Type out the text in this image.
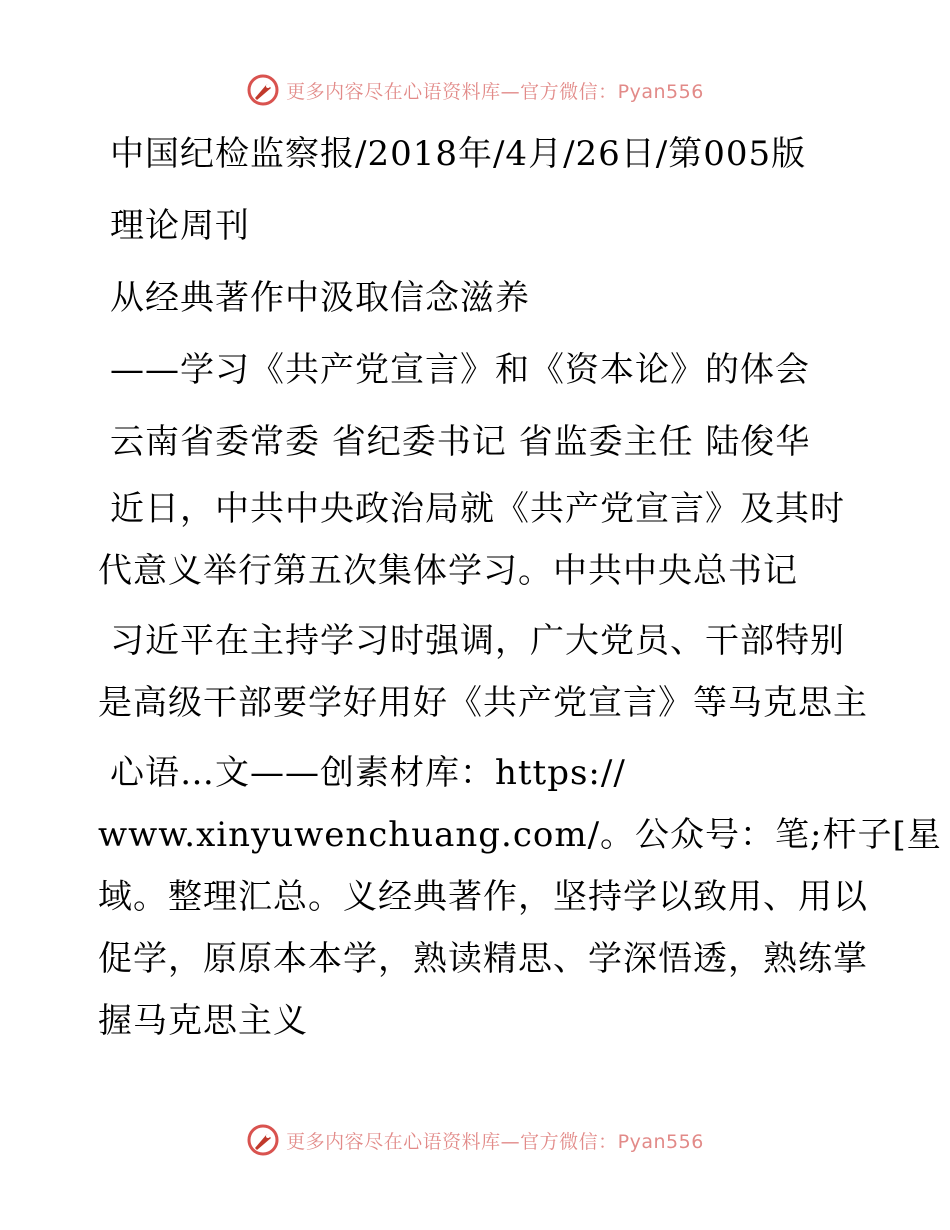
更多内容尽在心语资料库—官方微信：Pyan556
中国纪检监察报/2018年/4月/26日/第005版
理论周刊
从经典著作中汲取信念滋养
——学习《共产党宣言》和《资本论》的体会
云南省委常委 省纪委书记 省监委主任 陆俊华
近日，中共中央政治局就《共产党宣言》及其时
代意义举行第五次集体学习。中共中央总书记
习近平在主持学习时强调，广大党员、干部特别
是高级干部要学好用好《共产党宣言》等马克思主
心语…文——创素材库：https://
www.xinyuwenchuang.com/。公众号：笔;杆子[星
域。整理汇总。义经典著作，坚持学以致用、用以
促学，原原本本学，熟读精思、学深悟透，熟练掌
握马克思主义
更多内容尽在心语资料库—官方微信：Pyan556
